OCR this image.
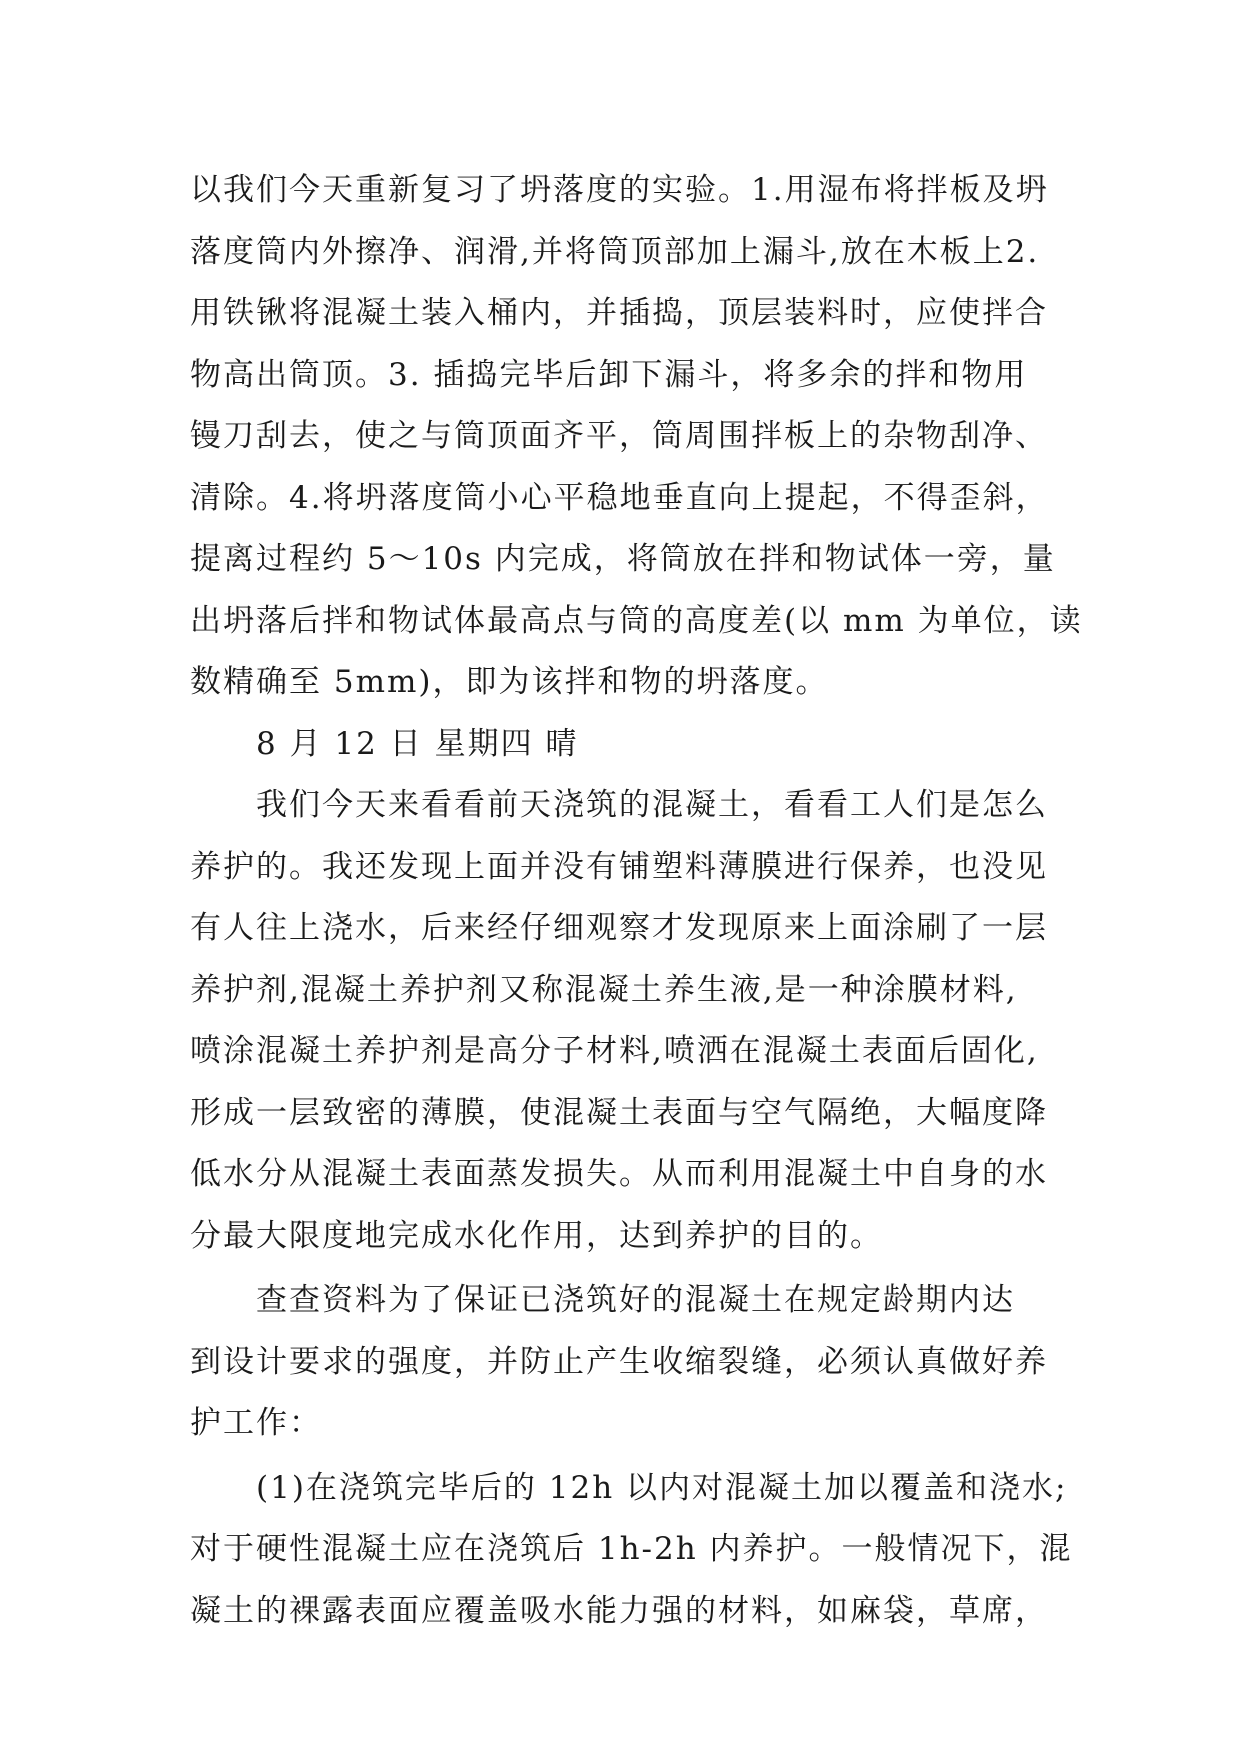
以我们今天重新复习了坍落度的实验。1.用湿布将拌板及坍
落度筒内外擦净、润滑,并将筒顶部加上漏斗,放在木板上2.
用铁锹将混凝土装入桶内，并插捣，顶层装料时，应使拌合
物高出筒顶。3. 插捣完毕后卸下漏斗，将多余的拌和物用
镘刀刮去，使之与筒顶面齐平，筒周围拌板上的杂物刮净、
清除。4.将坍落度筒小心平稳地垂直向上提起，不得歪斜，
提离过程约 5～10s 内完成，将筒放在拌和物试体一旁，量
出坍落后拌和物试体最高点与筒的高度差(以 mm 为单位，读
数精确至 5mm)，即为该拌和物的坍落度。
8 月 12 日 星期四 晴
我们今天来看看前天浇筑的混凝土，看看工人们是怎么
养护的。我还发现上面并没有铺塑料薄膜进行保养，也没见
有人往上浇水，后来经仔细观察才发现原来上面涂刷了一层
养护剂,混凝土养护剂又称混凝土养生液,是一种涂膜材料,
喷涂混凝土养护剂是高分子材料,喷洒在混凝土表面后固化,
形成一层致密的薄膜，使混凝土表面与空气隔绝，大幅度降
低水分从混凝土表面蒸发损失。从而利用混凝土中自身的水
分最大限度地完成水化作用，达到养护的目的。
查查资料为了保证已浇筑好的混凝土在规定龄期内达
到设计要求的强度，并防止产生收缩裂缝，必须认真做好养
护工作：
(1)在浇筑完毕后的 12h 以内对混凝土加以覆盖和浇水;
对于硬性混凝土应在浇筑后 1h-2h 内养护。一般情况下，混
凝土的裸露表面应覆盖吸水能力强的材料，如麻袋，草席，
